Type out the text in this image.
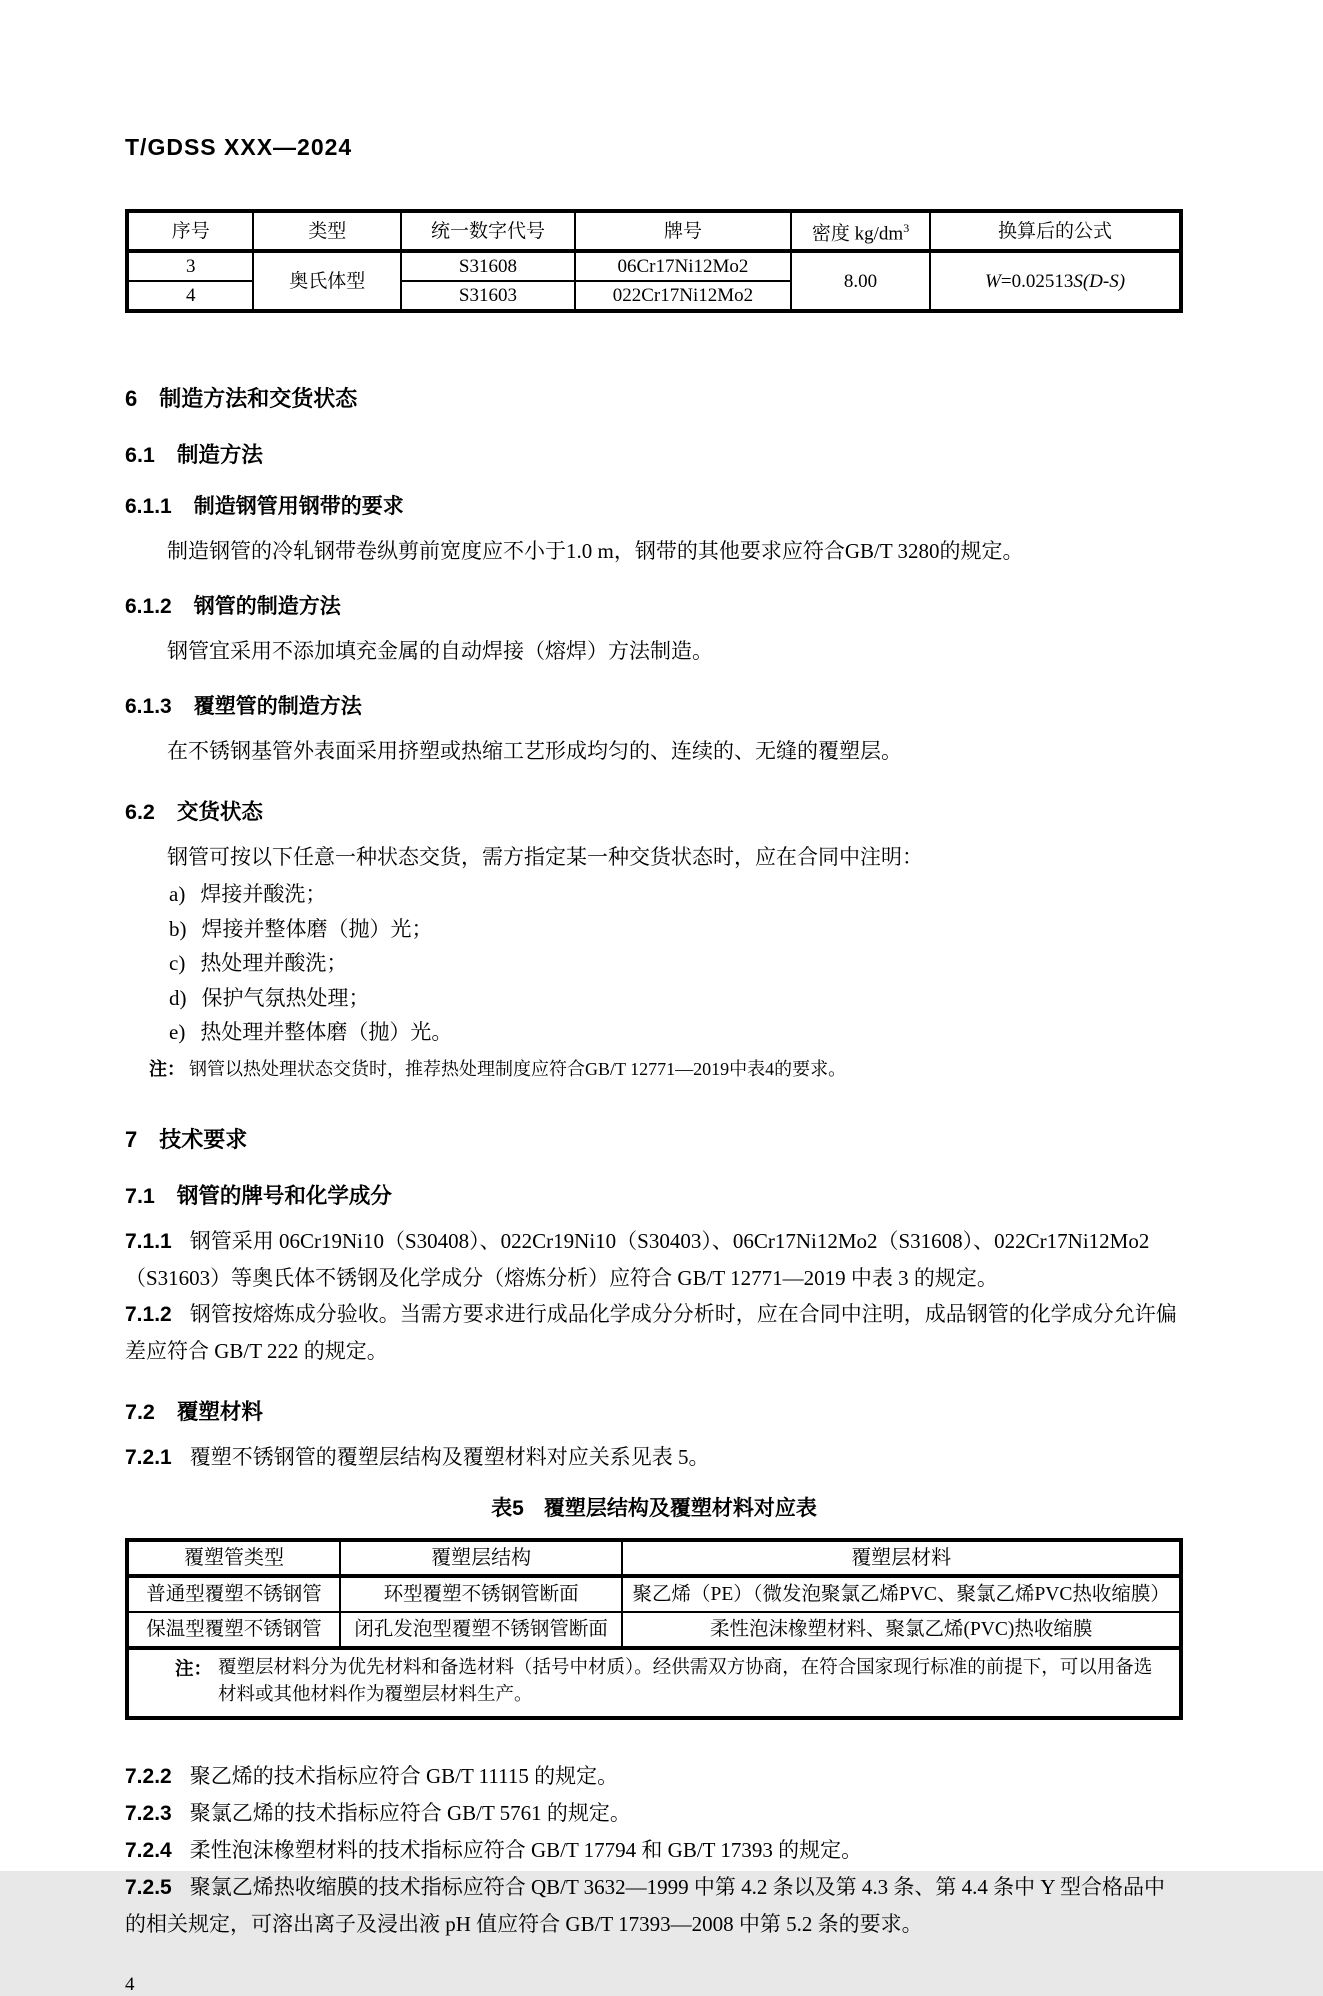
T/GDSS XXX—2024
序号	类型	统一数字代号	牌号	密度 $kg/dm^3$	换算后的公式
3	奥氏体型	S31608	06Cr17Ni12Mo2	8.00	W=0.02513S(D-S)
4		S31603	022Cr17Ni12Mo2		
6 制造方法和交货状态
6.1 制造方法
6.1.1 制造钢管用钢带的要求

制造钢管的冷轧钢带卷纵剪前宽度应不小于1.0 m，钢带的其他要求应符合GB/T 3280的规定。

6.1.2 钢管的制造方法

钢管宜采用不添加填充金属的自动焊接（熔焊）方法制造。

6.1.3 覆塑管的制造方法

在不锈钢基管外表面采用挤塑或热缩工艺形成均匀的、连续的、无缝的覆塑层。

6.2 交货状态

钢管可按以下任意一种状态交货，需方指定某一种交货状态时，应在合同中注明：

a) 焊接并酸洗；
b) 焊接并整体磨（抛）光；
c) 热处理并酸洗；
d) 保护气氛热处理；
e) 热处理并整体磨（抛）光。
注： 钢管以热处理状态交货时，推荐热处理制度应符合GB/T 12771—2019中表4的要求。
7 技术要求
7.1 钢管的牌号和化学成分

7.1.1 钢管采用 06Cr19Ni10（S30408）、022Cr19Ni10（S30403）、06Cr17Ni12Mo2（S31608）、022Cr17Ni12Mo2（S31603）等奥氏体不锈钢及化学成分（熔炼分析）应符合 GB/T 12771—2019 中表 3 的规定。

7.1.2 钢管按熔炼成分验收。当需方要求进行成品化学成分分析时，应在合同中注明，成品钢管的化学成分允许偏差应符合 GB/T 222 的规定。

7.2 覆塑材料

7.2.1 覆塑不锈钢管的覆塑层结构及覆塑材料对应关系见表 5。

表5 覆塑层结构及覆塑材料对应表
覆塑管类型	覆塑层结构	覆塑层材料
普通型覆塑不锈钢管	环型覆塑不锈钢管断面	聚乙烯（PE）（微发泡聚氯乙烯PVC、聚氯乙烯PVC热收缩膜）
保温型覆塑不锈钢管	闭孔发泡型覆塑不锈钢管断面	柔性泡沫橡塑材料、聚氯乙烯(PVC)热收缩膜

注： 覆塑层材料分为优先材料和备选材料（括号中材质）。经供需双方协商，在符合国家现行标准的前提下，可以用备选材料或其他材料作为覆塑层材料生产。		

7.2.2 聚乙烯的技术指标应符合 GB/T 11115 的规定。

7.2.3 聚氯乙烯的技术指标应符合 GB/T 5761 的规定。

7.2.4 柔性泡沫橡塑材料的技术指标应符合 GB/T 17794 和 GB/T 17393 的规定。

7.2.5 聚氯乙烯热收缩膜的技术指标应符合 QB/T 3632—1999 中第 4.2 条以及第 4.3 条、第 4.4 条中 Y 型合格品中的相关规定，可溶出离子及浸出液 pH 值应符合 GB/T 17393—2008 中第 5.2 条的要求。

4
